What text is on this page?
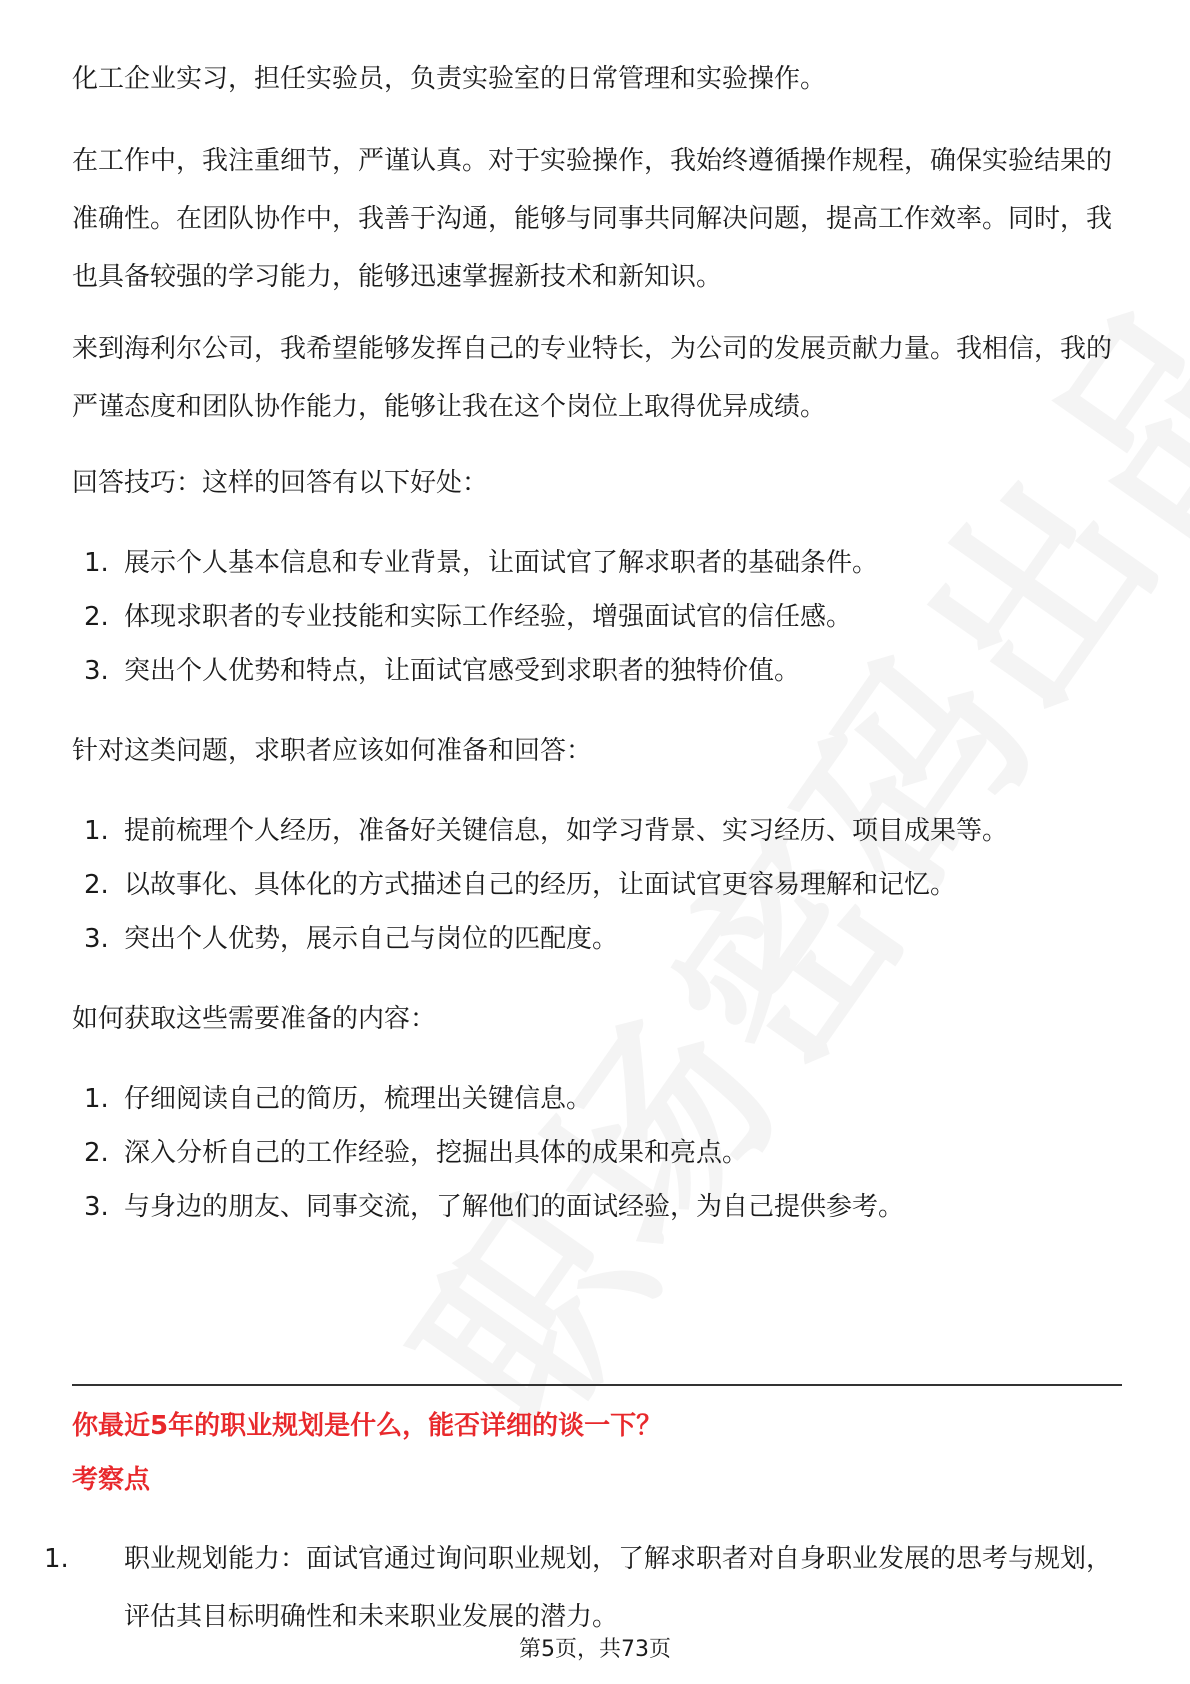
化工企业实习，担任实验员，负责实验室的日常管理和实验操作。

在工作中，我注重细节，严谨认真。对于实验操作，我始终遵循操作规程，确保实验结果的准确性。在团队协作中，我善于沟通，能够与同事共同解决问题，提高工作效率。同时，我也具备较强的学习能力，能够迅速掌握新技术和新知识。

来到海利尔公司，我希望能够发挥自己的专业特长，为公司的发展贡献力量。我相信，我的严谨态度和团队协作能力，能够让我在这个岗位上取得优异成绩。

回答技巧：这样的回答有以下好处：

1. 展示个人基本信息和专业背景，让面试官了解求职者的基础条件。
2. 体现求职者的专业技能和实际工作经验，增强面试官的信任感。
3. 突出个人优势和特点，让面试官感受到求职者的独特价值。

针对这类问题，求职者应该如何准备和回答：

1. 提前梳理个人经历，准备好关键信息，如学习背景、实习经历、项目成果等。
2. 以故事化、具体化的方式描述自己的经历，让面试官更容易理解和记忆。
3. 突出个人优势，展示自己与岗位的匹配度。

如何获取这些需要准备的内容：

1. 仔细阅读自己的简历，梳理出关键信息。
2. 深入分析自己的工作经验，挖掘出具体的成果和亮点。
3. 与身边的朋友、同事交流，了解他们的面试经验，为自己提供参考。

你最近5年的职业规划是什么，能否详细的谈一下？

考察点

1. 职业规划能力：面试官通过询问职业规划，了解求职者对自身职业发展的思考与规划，评估其目标明确性和未来职业发展的潜力。
第5页，共73页
